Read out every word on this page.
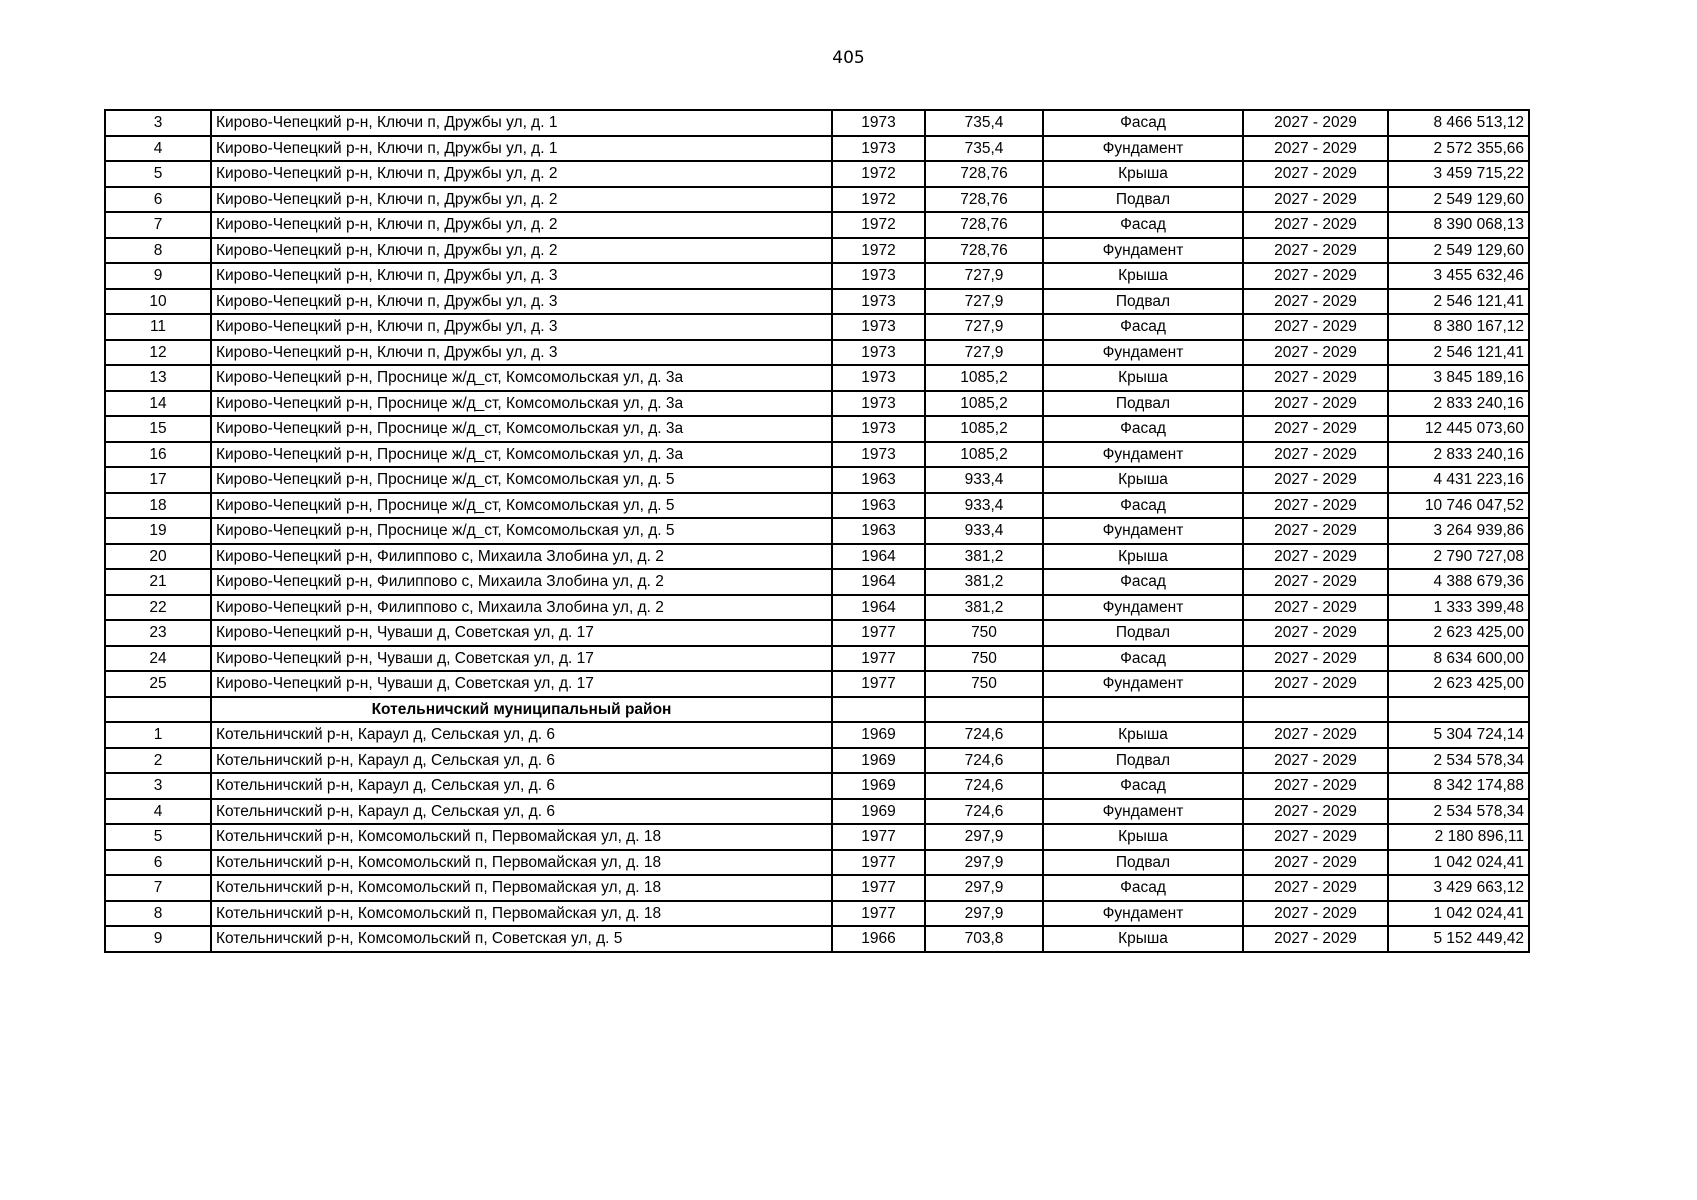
405
3	Кирово-Чепецкий р-н, Ключи п, Дружбы ул, д. 1	1973	735,4	Фасад	2027 - 2029	8 466 513,12
4	Кирово-Чепецкий р-н, Ключи п, Дружбы ул, д. 1	1973	735,4	Фундамент	2027 - 2029	2 572 355,66
5	Кирово-Чепецкий р-н, Ключи п, Дружбы ул, д. 2	1972	728,76	Крыша	2027 - 2029	3 459 715,22
6	Кирово-Чепецкий р-н, Ключи п, Дружбы ул, д. 2	1972	728,76	Подвал	2027 - 2029	2 549 129,60
7	Кирово-Чепецкий р-н, Ключи п, Дружбы ул, д. 2	1972	728,76	Фасад	2027 - 2029	8 390 068,13
8	Кирово-Чепецкий р-н, Ключи п, Дружбы ул, д. 2	1972	728,76	Фундамент	2027 - 2029	2 549 129,60
9	Кирово-Чепецкий р-н, Ключи п, Дружбы ул, д. 3	1973	727,9	Крыша	2027 - 2029	3 455 632,46
10	Кирово-Чепецкий р-н, Ключи п, Дружбы ул, д. 3	1973	727,9	Подвал	2027 - 2029	2 546 121,41
11	Кирово-Чепецкий р-н, Ключи п, Дружбы ул, д. 3	1973	727,9	Фасад	2027 - 2029	8 380 167,12
12	Кирово-Чепецкий р-н, Ключи п, Дружбы ул, д. 3	1973	727,9	Фундамент	2027 - 2029	2 546 121,41
13	Кирово-Чепецкий р-н, Проснице ж/д_ст, Комсомольская ул, д. 3а	1973	1085,2	Крыша	2027 - 2029	3 845 189,16
14	Кирово-Чепецкий р-н, Проснице ж/д_ст, Комсомольская ул, д. 3а	1973	1085,2	Подвал	2027 - 2029	2 833 240,16
15	Кирово-Чепецкий р-н, Проснице ж/д_ст, Комсомольская ул, д. 3а	1973	1085,2	Фасад	2027 - 2029	12 445 073,60
16	Кирово-Чепецкий р-н, Проснице ж/д_ст, Комсомольская ул, д. 3а	1973	1085,2	Фундамент	2027 - 2029	2 833 240,16
17	Кирово-Чепецкий р-н, Проснице ж/д_ст, Комсомольская ул, д. 5	1963	933,4	Крыша	2027 - 2029	4 431 223,16
18	Кирово-Чепецкий р-н, Проснице ж/д_ст, Комсомольская ул, д. 5	1963	933,4	Фасад	2027 - 2029	10 746 047,52
19	Кирово-Чепецкий р-н, Проснице ж/д_ст, Комсомольская ул, д. 5	1963	933,4	Фундамент	2027 - 2029	3 264 939,86
20	Кирово-Чепецкий р-н, Филиппово с, Михаила Злобина ул, д. 2	1964	381,2	Крыша	2027 - 2029	2 790 727,08
21	Кирово-Чепецкий р-н, Филиппово с, Михаила Злобина ул, д. 2	1964	381,2	Фасад	2027 - 2029	4 388 679,36
22	Кирово-Чепецкий р-н, Филиппово с, Михаила Злобина ул, д. 2	1964	381,2	Фундамент	2027 - 2029	1 333 399,48
23	Кирово-Чепецкий р-н, Чуваши д, Советская ул, д. 17	1977	750	Подвал	2027 - 2029	2 623 425,00
24	Кирово-Чепецкий р-н, Чуваши д, Советская ул, д. 17	1977	750	Фасад	2027 - 2029	8 634 600,00
25	Кирово-Чепецкий р-н, Чуваши д, Советская ул, д. 17	1977	750	Фундамент	2027 - 2029	2 623 425,00
	Котельничский муниципальный район					
1	Котельничский р-н, Караул д, Сельская ул, д. 6	1969	724,6	Крыша	2027 - 2029	5 304 724,14
2	Котельничский р-н, Караул д, Сельская ул, д. 6	1969	724,6	Подвал	2027 - 2029	2 534 578,34
3	Котельничский р-н, Караул д, Сельская ул, д. 6	1969	724,6	Фасад	2027 - 2029	8 342 174,88
4	Котельничский р-н, Караул д, Сельская ул, д. 6	1969	724,6	Фундамент	2027 - 2029	2 534 578,34
5	Котельничский р-н, Комсомольский п, Первомайская ул, д. 18	1977	297,9	Крыша	2027 - 2029	2 180 896,11
6	Котельничский р-н, Комсомольский п, Первомайская ул, д. 18	1977	297,9	Подвал	2027 - 2029	1 042 024,41
7	Котельничский р-н, Комсомольский п, Первомайская ул, д. 18	1977	297,9	Фасад	2027 - 2029	3 429 663,12
8	Котельничский р-н, Комсомольский п, Первомайская ул, д. 18	1977	297,9	Фундамент	2027 - 2029	1 042 024,41
9	Котельничский р-н, Комсомольский п, Советская ул, д. 5	1966	703,8	Крыша	2027 - 2029	5 152 449,42
